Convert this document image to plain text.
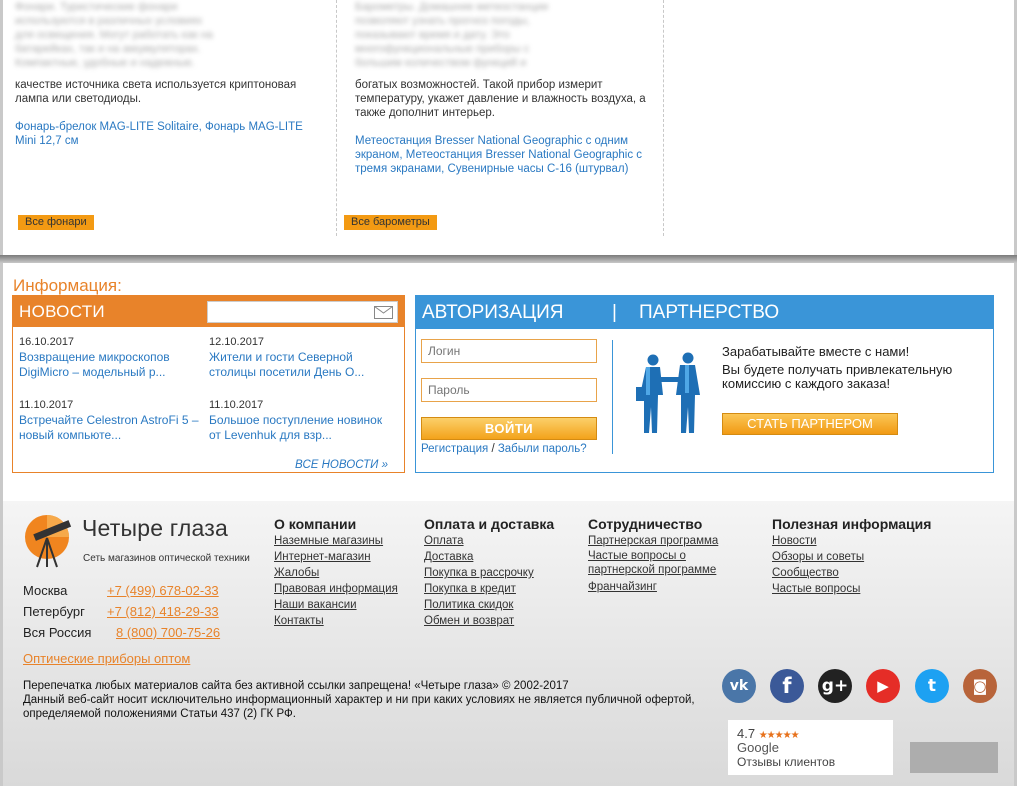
Фонари. Туристические фонари
используются в различных условиях
для освещения. Могут работать как на
батарейках, так и на аккумуляторах.
Компактные, удобные и надежные.
качестве источника света используется криптоновая лампа или светодиоды.
Фонарь-брелок MAG-LITE Solitaire, Фонарь MAG-LITE Mini 12,7 см
Все фонари
Барометры. Домашние метеостанции
позволяют узнать прогноз погоды,
показывают время и дату. Это
многофункциональные приборы с
большим количеством функций и
богатых возможностей. Такой прибор измерит температуру, укажет давление и влажность воздуха, а также дополнит интерьер.
Метеостанция Bresser National Geographic с одним экраном, Метеостанция Bresser National Geographic с тремя экранами, Сувенирные часы С-16 (штурвал)
Все барометры
Информация:
НОВОСТИ
16.10.2017
Возвращение микроскопов DigiMicro – модельный р...
12.10.2017
Жители и гости Северной столицы посетили День О...
11.10.2017
Встречайте Celestron AstroFi 5 – новый компьюте...
11.10.2017
Большое поступление новинок от Levenhuk для взр...
ВСЕ НОВОСТИ »
АВТОРИЗАЦИЯ	| ПАРТНЕРСТВО
Логин
ВОЙТИ
Регистрация / Забыли пароль?
Зарабатывайте вместе с нами!
Вы будете получать привлекательную комиссию с каждого заказа!
СТАТЬ ПАРТНЕРОМ
Четыре глаза
Сеть магазинов оптической техники
Москва	+7 (499) 678-02-33
Петербург +7 (812) 418-29-33
Вся Россия 8 (800) 700-75-26
Оптические приборы оптом
О компании
Наземные магазины
Интернет-магазин
Жалобы
Правовая информация
Наши вакансии
Контакты
Оплата и доставка
Оплата
Доставка
Покупка в рассрочку
Покупка в кредит
Политика скидок
Обмен и возврат
Сотрудничество
Партнерская программа
Частые вопросы о партнерской программе
Франчайзинг
Полезная информация
Новости
Обзоры и советы
Сообщество
Частые вопросы
Перепечатка любых материалов сайта без активной ссылки запрещена! «Четыре глаза» © 2002-2017
Данный веб-сайт носит исключительно информационный характер и ни при каких условиях не является публичной офертой, определяемой положениями Статьи 437 (2) ГК РФ.
vk	f	g+	▶	t	◙
4.7 ★★★★★
Google
Отзывы клиентов
